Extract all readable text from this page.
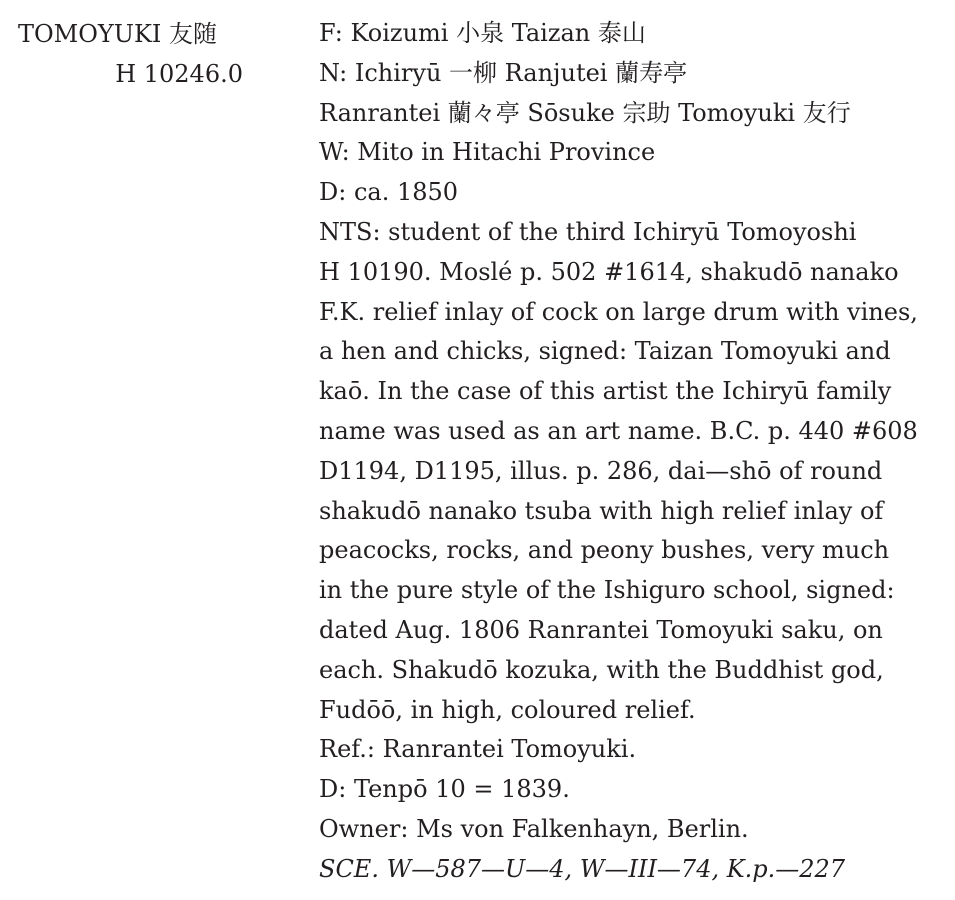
TOMOYUKI 友随
H 10246.0
F: Koizumi 小泉 Taizan 泰山
N: Ichiryū 一柳 Ranjutei 蘭寿亭
Ranrantei 蘭々亭 Sōsuke 宗助 Tomoyuki 友行
W: Mito in Hitachi Province
D: ca. 1850
NTS: student of the third Ichiryū Tomoyoshi
H 10190. Moslé p. 502 #1614, shakudō nanako
F.K. relief inlay of cock on large drum with vines,
a hen and chicks, signed: Taizan Tomoyuki and
kaō. In the case of this artist the Ichiryū family
name was used as an art name. B.C. p. 440 #608
D1194, D1195, illus. p. 286, dai—shō of round
shakudō nanako tsuba with high relief inlay of
peacocks, rocks, and peony bushes, very much
in the pure style of the Ishiguro school, signed:
dated Aug. 1806 Ranrantei Tomoyuki saku, on
each. Shakudō kozuka, with the Buddhist god,
Fudōō, in high, coloured relief.
Ref.: Ranrantei Tomoyuki.
D: Tenpō 10 = 1839.
Owner: Ms von Falkenhayn, Berlin.
SCE. W—587—U—4, W—III—74, K.p.—227
